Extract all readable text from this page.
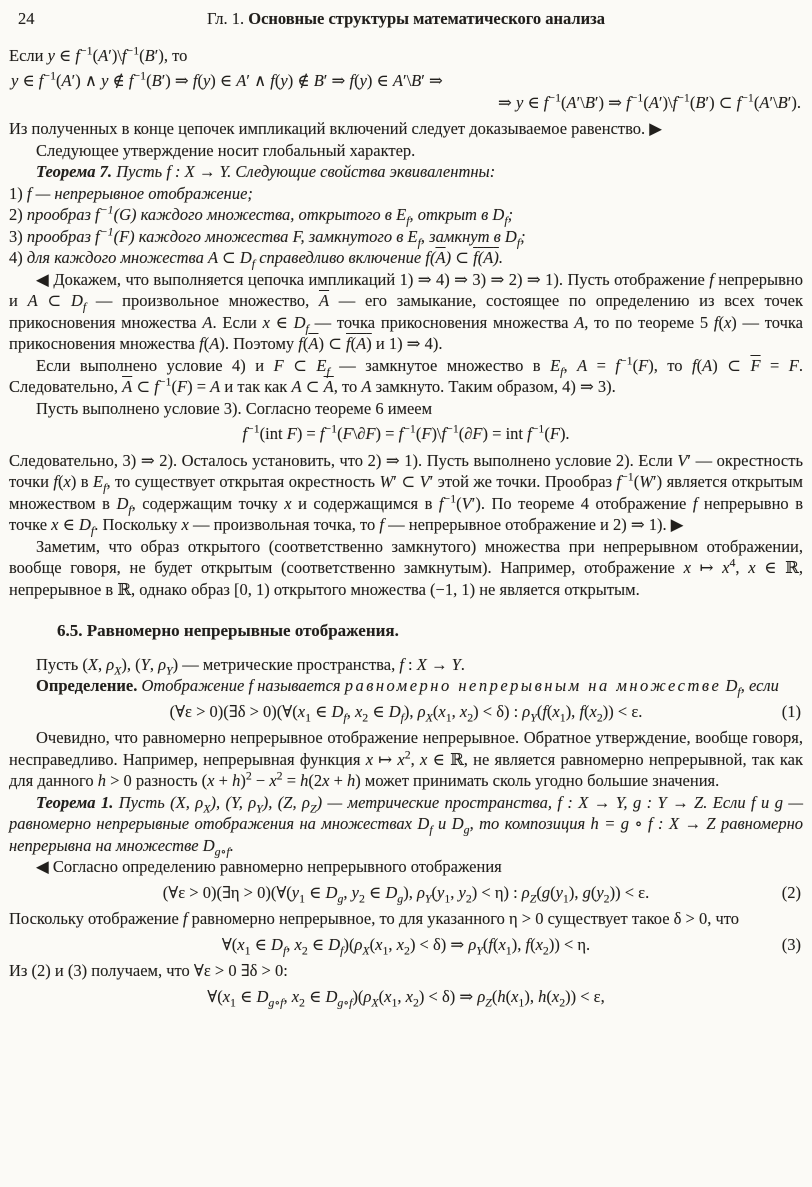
24	Гл. 1. Основные структуры математического анализа

Если y ∈ $f^{-1}(A')\backslash f^{-1}(B')$, то

y ∈ $f^{-1}(A')$ ∧ y ∉ $f^{-1}(B')$ ⇒ f(y) ∈ A′ ∧ f(y) ∉ B′ ⇒ f(y) ∈ A′\B′ ⇒
⇒ y ∈ $f^{-1}(A'\backslash B')$ ⇒ $f^{-1}(A')\backslash f^{-1}(B')$ ⊂ $f^{-1}(A'\backslash B')$.

Из полученных в конце цепочек импликаций включений следует доказываемое равенство. ▶

Следующее утверждение носит глобальный характер.

Теорема 7. Пусть f : X → Y. Следующие свойства эквивалентны:

1) f — непрерывное отображение;

2) прообраз $f^{-1}(G)$ каждого множества, открытого в $E_f$, открыт в $D_f$;

3) прообраз $f^{-1}(F)$ каждого множества F, замкнутого в $E_f$, замкнут в $D_f$;

4) для каждого множества A ⊂ $D_f$ справедливо включение $f(\overline{A})$ ⊂ f(A).

◀ Докажем, что выполняется цепочка импликаций 1) ⇒ 4) ⇒ 3) ⇒ 2) ⇒ 1). Пусть отображение f непрерывно и A ⊂ $D_f$ — произвольное множество, $\overline{A}$ — его замыкание, состоящее по определению из всех точек прикосновения множества A. Если x ∈ $D_f$ — точка прикосновения множества A, то по теореме 5 f(x) — точка прикосновения множества f(A). Поэтому $f(\overline{A})$ ⊂ f(A) и 1) ⇒ 4).

Если выполнено условие 4) и F ⊂ $E_f$ — замкнутое множество в $E_f$, $A = f^{-1}(F)$, то f(A) ⊂ $\overline{F} = F$. Следовательно, $\overline{A}$ ⊂ $f^{-1}(F) = A$ и так как A ⊂ $\overline{A}$, то A замкнуто. Таким образом, 4) ⇒ 3).

Пусть выполнено условие 3). Согласно теореме 6 имеем

$f^{-1}(int$ $F) = f^{-1}(F\backslash\partial F)$ = $f^{-1}(F)\backslash f^{-1}(\partial F)$ = int $f^{-1}(F)$.

Следовательно, 3) ⇒ 2). Осталось установить, что 2) ⇒ 1). Пусть выполнено условие 2). Если V′ — окрестность точки f(x) в $E_f$, то существует открытая окрестность W′ ⊂ V′ этой же точки. Прообраз $f^{-1}(W')$ является открытым множеством в $D_f$, содержащим точку x и содержащимся в $f^{-1}(V')$. По теореме 4 отображение f непрерывно в точке x ∈ $D_f$. Поскольку x — произвольная точка, то f — непрерывное отображение и 2) ⇒ 1). ▶

Заметим, что образ открытого (соответственно замкнутого) множества при непрерывном отображении, вообще говоря, не будет открытым (соответственно замкнутым). Например, отображение x ↦ $x^4$, x ∈ ℝ, непрерывное в ℝ, однако образ [0, 1) открытого множества (−1, 1) не является открытым.

6.5. Равномерно непрерывные отображения.

Пусть (X, $\rho_X$), (Y, $\rho_Y$) — метрические пространства, f : X → Y.

Определение. Отображение f называется равномерно непрерывным на множестве $D_f$, если

(∀ε > 0)(∃δ > $0)(\forall(x_1$ ∈ $D_f$, $x_2$ ∈ $D_f$), $\rho_X(x_1$, $x_2) < \delta$) : $\rho_Y(f(x_1)$, $f(x_2)) < \varepsilon$.	(1)

Очевидно, что равномерно непрерывное отображение непрерывное. Обратное утверждение, вообще говоря, несправедливо. Например, непрерывная функция x ↦ $x^2$, x ∈ ℝ, не является равномерно непрерывной, так как для данного h > 0 разность $(x + h)^2 - x^2 = h(2x + h)$ может принимать сколь угодно большие значения.

Теорема 1. Пусть (X, $\rho_X$), (Y, $\rho_Y$), (Z, $\rho_Z$) — метрические пространства, f : X → Y, g : Y → Z. Если f и g — равномерно непрерывные отображения на множествах $D_f$ и $D_g$, то композиция h = g ∘ f : X → Z равномерно непрерывна на множестве $D_{g\circ f}$.

◀ Согласно определению равномерно непрерывного отображения

(∀ε > 0)(∃η > $0)(\forall(y_1$ ∈ $D_g$, $y_2$ ∈ $D_g$), $\rho_Y(y_1$, $y_2) < \eta$) : $\rho_Z(g(y_1)$, $g(y_2)) < \varepsilon$.	(2)

Поскольку отображение f равномерно непрерывное, то для указанного η > 0 существует такое δ > 0, что

$\forall(x_1$ ∈ $D_f$, $x_2$ ∈ $D_f)(\rho_X(x_1$, $x_2) < \delta$) ⇒ $\rho_Y(f(x_1)$, $f(x_2)) < \eta$.	(3)

Из (2) и (3) получаем, что ∀ε > 0 ∃δ > 0:

$\forall(x_1$ ∈ $D_{g\circ f}$, $x_2$ ∈ $D_{g\circ f})(\rho_X(x_1$, $x_2) < \delta$) ⇒ $\rho_Z(h(x_1)$, $h(x_2)) < \varepsilon$,
